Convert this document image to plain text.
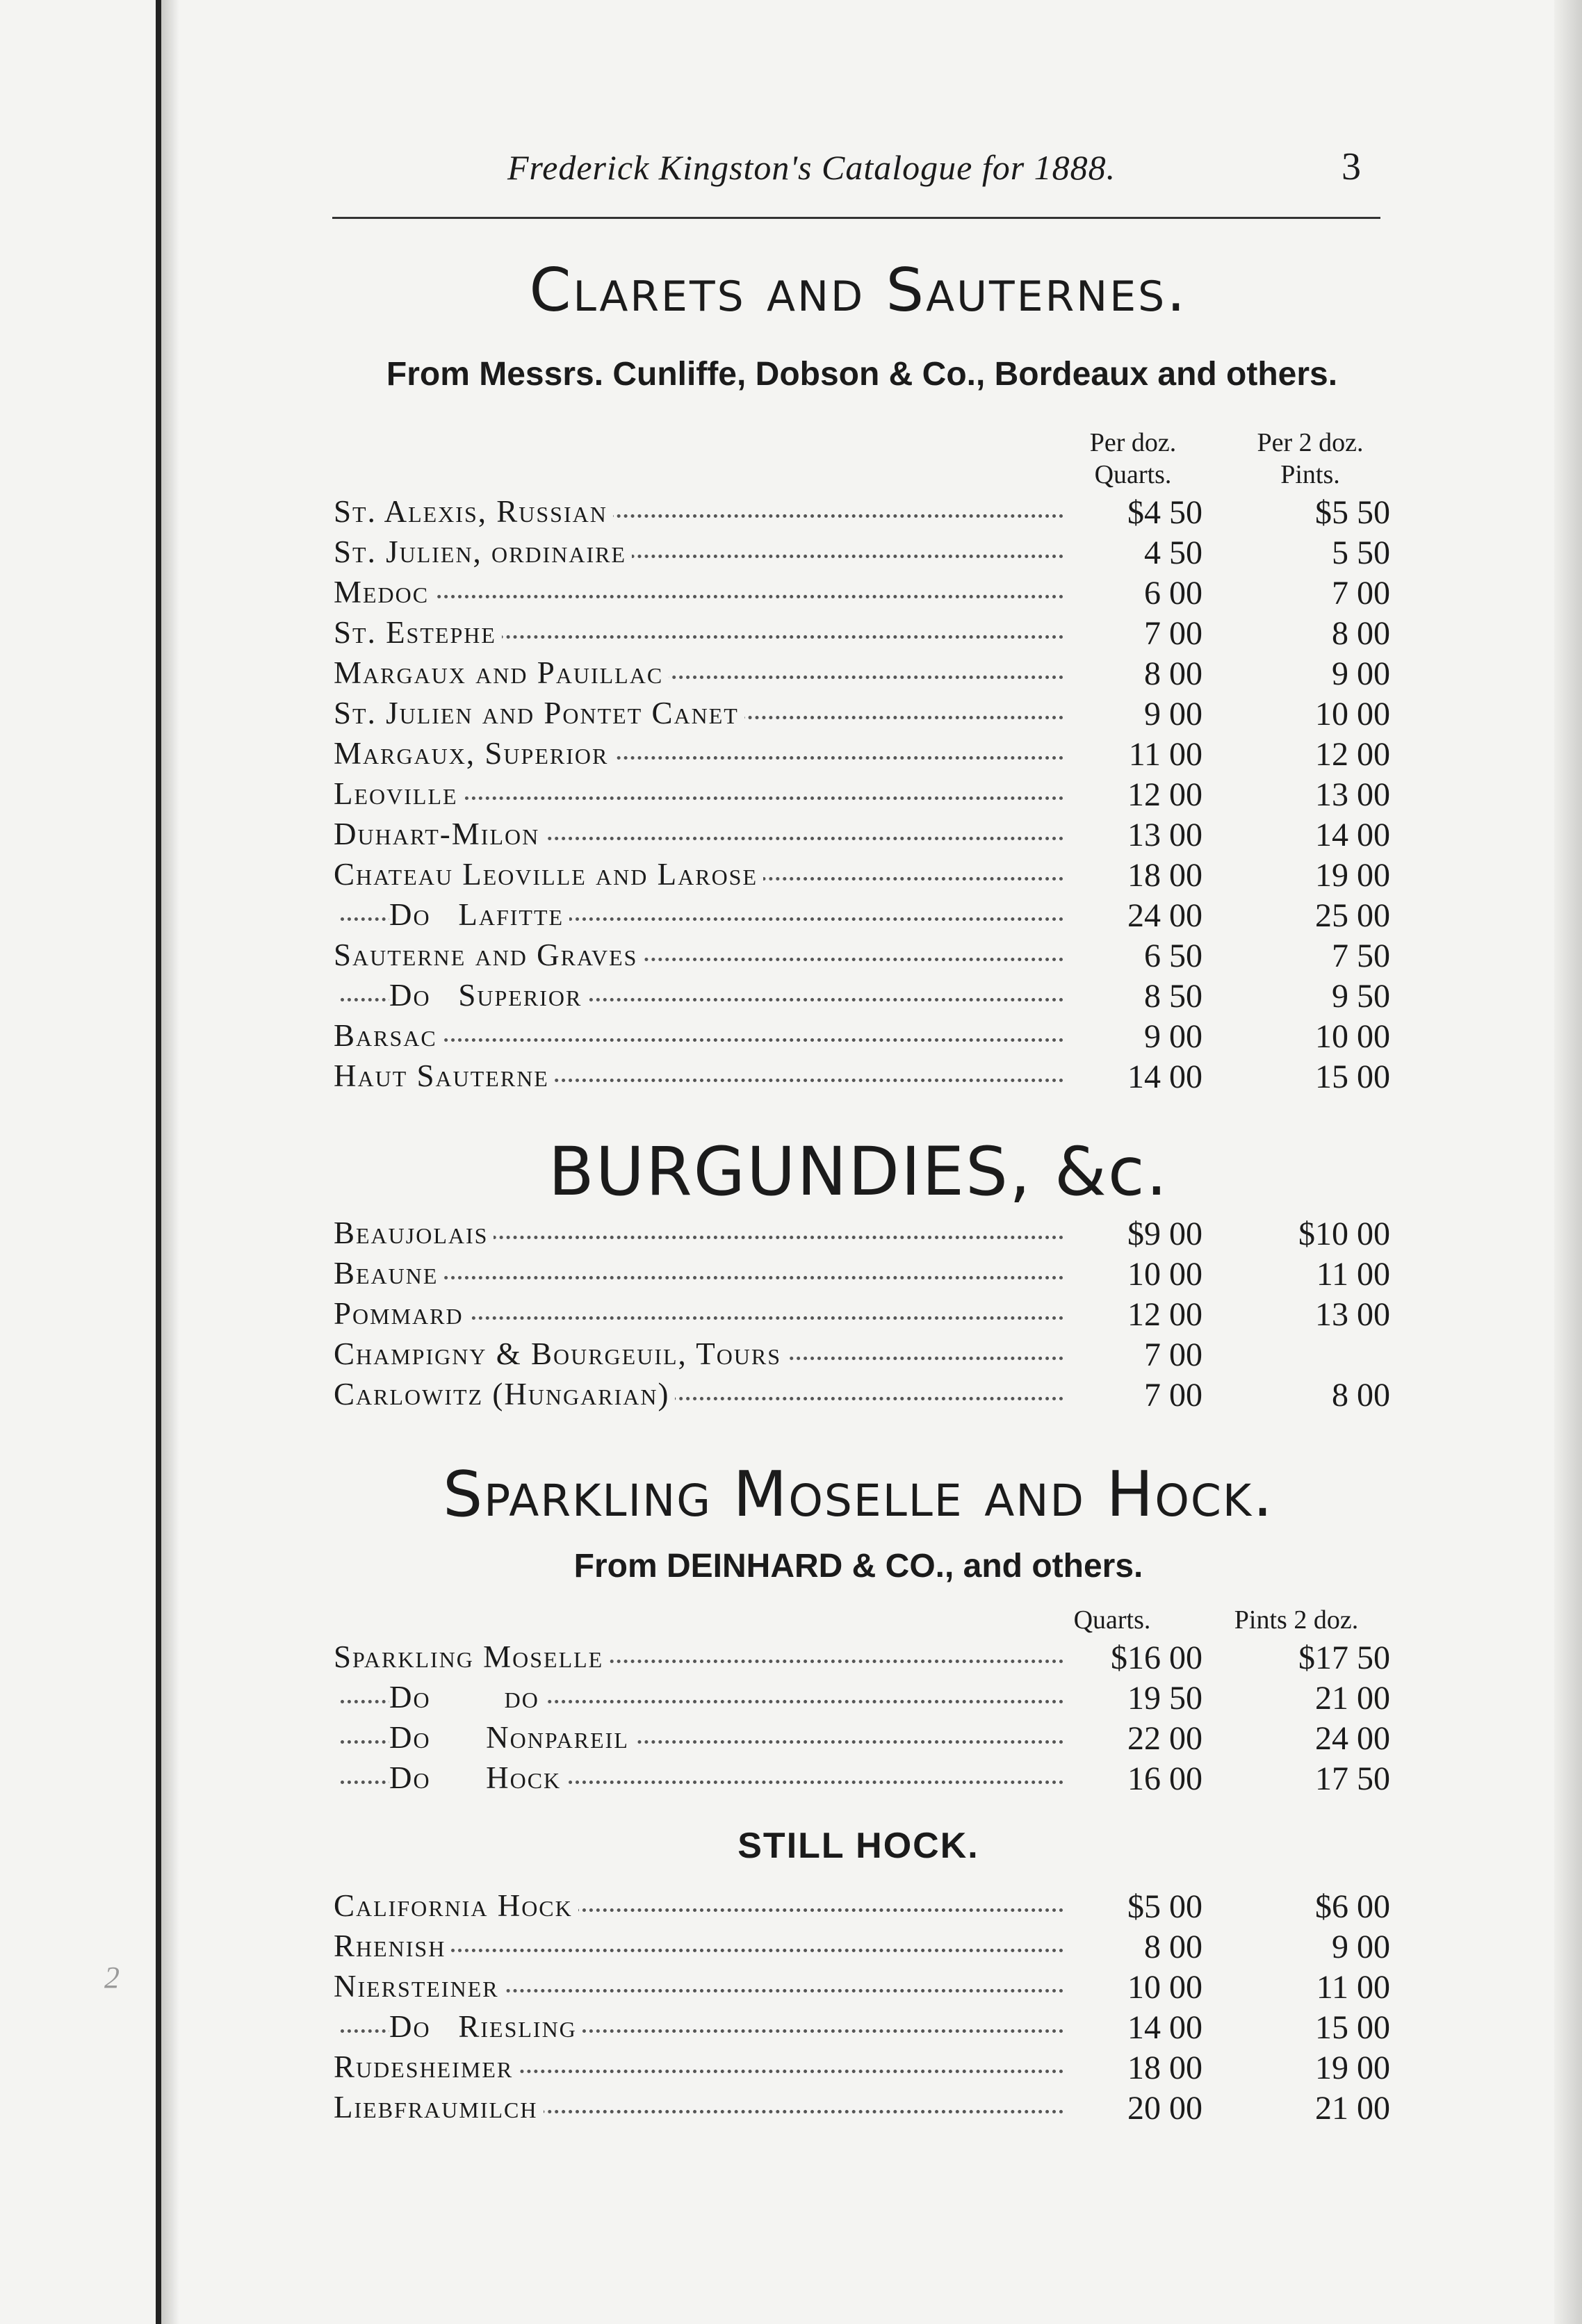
Frederick Kingston's Catalogue for 1888.	3
Clarets and Sauternes.
From Messrs. Cunliffe, Dobson & Co., Bordeaux and others.
Per doz. Quarts.
Per 2 doz. Pints.
St. Alexis, Russian	$4 50	$5 50
St. Julien, ordinaire	4 50	5 50
Medoc	6 00	7 00
St. Estephe	7 00	8 00
Margaux and Pauillac	8 00	9 00
St. Julien and Pontet Canet	9 00	10 00
Margaux, Superior	11 00	12 00
Leoville	12 00	13 00
Duhart-Milon	13 00	14 00
Chateau Leoville and Larose	18 00	19 00
Do   Lafitte	24 00	25 00
Sauterne and Graves	6 50	7 50
Do   Superior	8 50	9 50
Barsac	9 00	10 00
Haut Sauterne	14 00	15 00
BURGUNDIES, &c.
Beaujolais	$9 00	$10 00
Beaune	10 00	11 00
Pommard	12 00	13 00
Champigny & Bourgeuil, Tours	7 00
Carlowitz (Hungarian)	7 00	8 00
Sparkling Moselle and Hock.
From DEINHARD & CO., and others.
Quarts.	Pints 2 doz.
Sparkling Moselle	$16 00	$17 50
Do        do	19 50	21 00
Do      Nonpareil	22 00	24 00
Do      Hock	16 00	17 50
STILL HOCK.
California Hock	$5 00	$6 00
Rhenish	8 00	9 00
Niersteiner	10 00	11 00
Do   Riesling	14 00	15 00
Rudesheimer	18 00	19 00
Liebfraumilch	20 00	21 00
2
